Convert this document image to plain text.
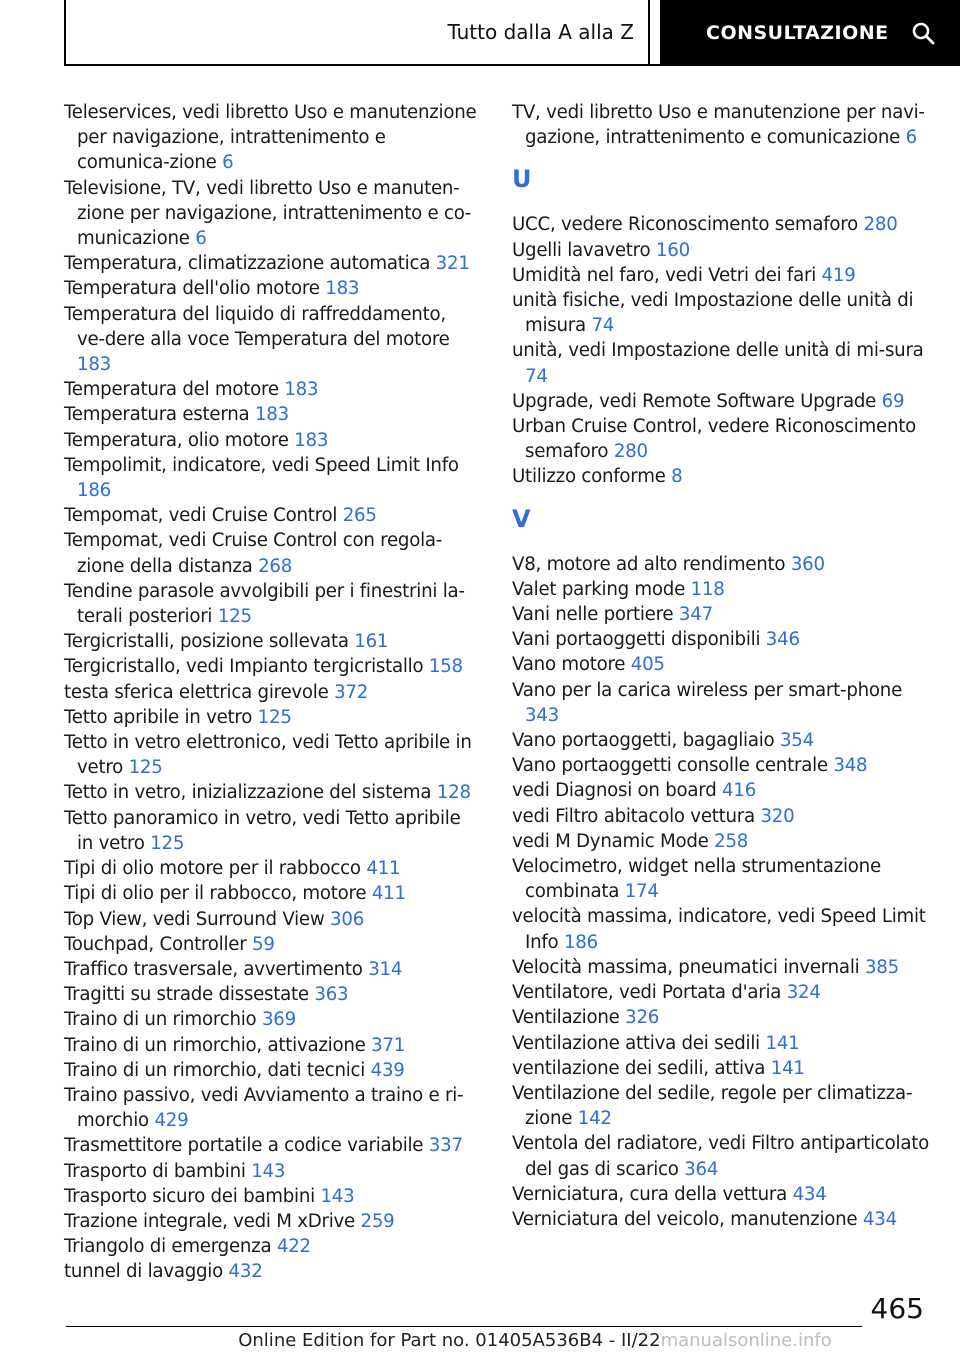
Tutto dalla A alla Z	CONSULTAZIONE
Teleservices, vedi libretto Uso e manutenzione per navigazione, intrattenimento e comunica‐zione 6
Televisione, TV, vedi libretto Uso e manuten‐zione per navigazione, intrattenimento e co‐municazione 6
Temperatura, climatizzazione automatica 321
Temperatura dell'olio motore 183
Temperatura del liquido di raffreddamento, ve‐dere alla voce Temperatura del motore 183
Temperatura del motore 183
Temperatura esterna 183
Temperatura, olio motore 183
Tempolimit, indicatore, vedi Speed Limit Info 186
Tempomat, vedi Cruise Control 265
Tempomat, vedi Cruise Control con regola‐zione della distanza 268
Tendine parasole avvolgibili per i finestrini la‐terali posteriori 125
Tergicristalli, posizione sollevata 161
Tergicristallo, vedi Impianto tergicristallo 158
testa sferica elettrica girevole 372
Tetto apribile in vetro 125
Tetto in vetro elettronico, vedi Tetto apribile in vetro 125
Tetto in vetro, inizializzazione del sistema 128
Tetto panoramico in vetro, vedi Tetto apribile in vetro 125
Tipi di olio motore per il rabbocco 411
Tipi di olio per il rabbocco, motore 411
Top View, vedi Surround View 306
Touchpad, Controller 59
Traffico trasversale, avvertimento 314
Tragitti su strade dissestate 363
Traino di un rimorchio 369
Traino di un rimorchio, attivazione 371
Traino di un rimorchio, dati tecnici 439
Traino passivo, vedi Avviamento a traino e ri‐morchio 429
Trasmettitore portatile a codice variabile 337
Trasporto di bambini 143
Trasporto sicuro dei bambini 143
Trazione integrale, vedi M xDrive 259
Triangolo di emergenza 422
tunnel di lavaggio 432
TV, vedi libretto Uso e manutenzione per navi‐gazione, intrattenimento e comunicazione 6
U
UCC, vedere Riconoscimento semaforo 280
Ugelli lavavetro 160
Umidità nel faro, vedi Vetri dei fari 419
unità fisiche, vedi Impostazione delle unità di misura 74
unità, vedi Impostazione delle unità di mi‐sura 74
Upgrade, vedi Remote Software Upgrade 69
Urban Cruise Control, vedere Riconoscimento semaforo 280
Utilizzo conforme 8
V
V8, motore ad alto rendimento 360
Valet parking mode 118
Vani nelle portiere 347
Vani portaoggetti disponibili 346
Vano motore 405
Vano per la carica wireless per smart‐phone 343
Vano portaoggetti, bagagliaio 354
Vano portaoggetti consolle centrale 348
vedi Diagnosi on board 416
vedi Filtro abitacolo vettura 320
vedi M Dynamic Mode 258
Velocimetro, widget nella strumentazione combinata 174
velocità massima, indicatore, vedi Speed Limit Info 186
Velocità massima, pneumatici invernali 385
Ventilatore, vedi Portata d'aria 324
Ventilazione 326
Ventilazione attiva dei sedili 141
ventilazione dei sedili, attiva 141
Ventilazione del sedile, regole per climatizza‐zione 142
Ventola del radiatore, vedi Filtro antiparticolato del gas di scarico 364
Verniciatura, cura della vettura 434
Verniciatura del veicolo, manutenzione 434
465
Online Edition for Part no. 01405A536B4 - II/22manualsonline.info
